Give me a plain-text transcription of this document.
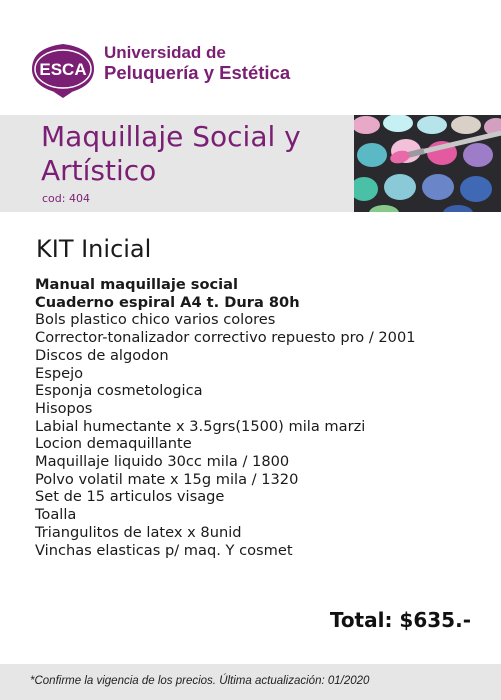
ESCA
Universidad de
Peluquería y Estética
Maquillaje Social y Artístico
cod: 404
KIT Inicial
Manual maquillaje social
Cuaderno espiral A4 t. Dura 80h
Bols plastico chico varios colores
Corrector-tonalizador correctivo repuesto pro / 2001
Discos de algodon
Espejo
Esponja cosmetologica
Hisopos
Labial humectante x 3.5grs(1500) mila marzi
Locion demaquillante
Maquillaje liquido 30cc mila / 1800
Polvo volatil mate x 15g mila / 1320
Set de 15 articulos visage
Toalla
Triangulitos de latex x 8unid
Vinchas elasticas p/ maq. Y cosmet
Total: $635.-
*Confirme la vigencia de los precios. Última actualización: 01/2020
